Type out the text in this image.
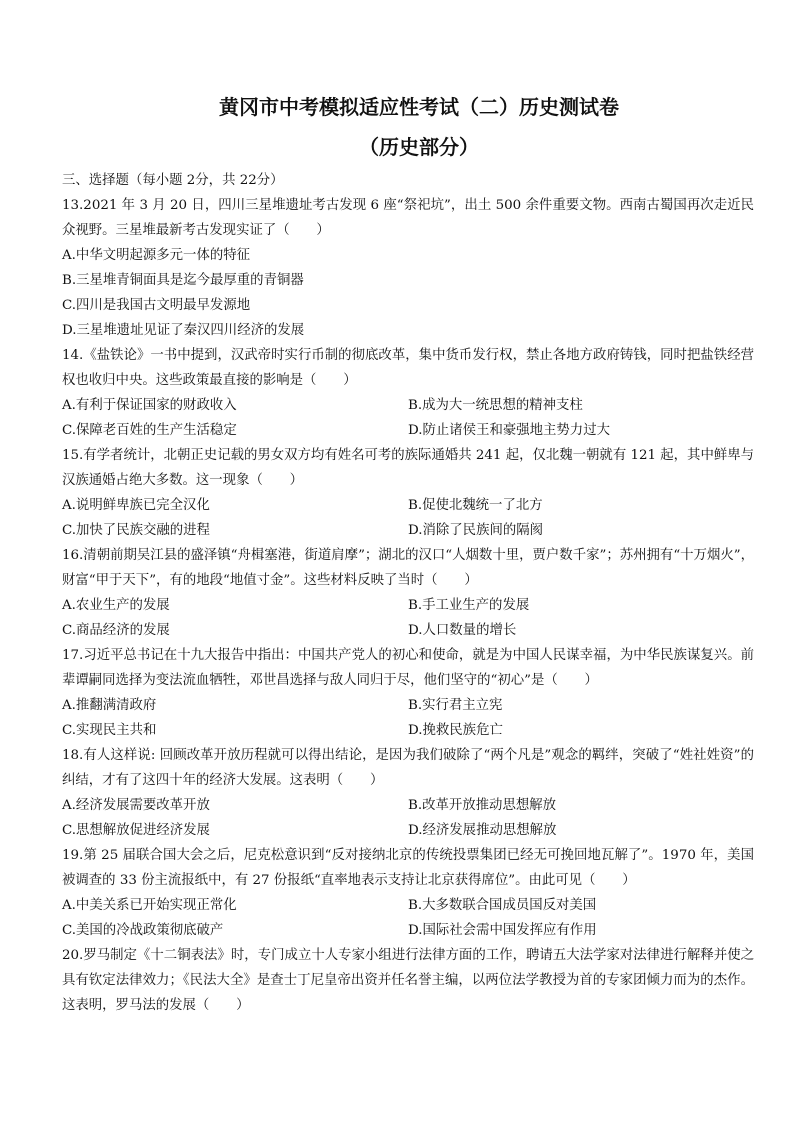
黄冈市中考模拟适应性考试（二）历史测试卷
（历史部分）
三、选择题（每小题 2分，共 22分）
13.2021 年 3 月 20 日，四川三星堆遗址考古发现 6 座“祭祀坑”，出土 500 余件重要文物。西南古蜀国再次走近民众视野。三星堆最新考古发现实证了（　　）
A.中华文明起源多元一体的特征
B.三星堆青铜面具是迄今最厚重的青铜器
C.四川是我国古文明最早发源地
D.三星堆遗址见证了秦汉四川经济的发展
14.《盐铁论》一书中提到，汉武帝时实行币制的彻底改革，集中货币发行权，禁止各地方政府铸钱，同时把盐铁经营权也收归中央。这些政策最直接的影响是（　　）
A.有利于保证国家的财政收入	B.成为大一统思想的精神支柱
C.保障老百姓的生产生活稳定	D.防止诸侯王和豪强地主势力过大
15.有学者统计，北朝正史记载的男女双方均有姓名可考的族际通婚共 241 起，仅北魏一朝就有 121 起，其中鲜卑与汉族通婚占绝大多数。这一现象（　　）
A.说明鲜卑族已完全汉化	B.促使北魏统一了北方
C.加快了民族交融的进程	D.消除了民族间的隔阂
16.清朝前期吴江县的盛泽镇“舟楫塞港，街道肩摩”；湖北的汉口“人烟数十里，贾户数千家”；苏州拥有“十万烟火”，财富“甲于天下”，有的地段“地值寸金”。这些材料反映了当时（　　）
A.农业生产的发展	B.手工业生产的发展
C.商品经济的发展	D.人口数量的增长
17.习近平总书记在十九大报告中指出：中国共产党人的初心和使命，就是为中国人民谋幸福，为中华民族谋复兴。前辈谭嗣同选择为变法流血牺牲，邓世昌选择与敌人同归于尽，他们坚守的“初心”是（　　）
A.推翻满清政府	B.实行君主立宪
C.实现民主共和	D.挽救民族危亡
18.有人这样说: 回顾改革开放历程就可以得出结论，是因为我们破除了“两个凡是”观念的羁绊，突破了“姓社姓资”的纠结，才有了这四十年的经济大发展。这表明（　　）
A.经济发展需要改革开放	B.改革开放推动思想解放
C.思想解放促进经济发展	D.经济发展推动思想解放
19.第 25 届联合国大会之后，尼克松意识到“反对接纳北京的传统投票集团已经无可挽回地瓦解了”。1970 年，美国被调查的 33 份主流报纸中，有 27 份报纸“直率地表示支持让北京获得席位”。由此可见（　　）
A.中美关系已开始实现正常化	B.大多数联合国成员国反对美国
C.美国的冷战政策彻底破产	D.国际社会需中国发挥应有作用
20.罗马制定《十二铜表法》时，专门成立十人专家小组进行法律方面的工作，聘请五大法学家对法律进行解释并使之具有钦定法律效力；《民法大全》是查士丁尼皇帝出资并任名誉主编，以两位法学教授为首的专家团倾力而为的杰作。这表明，罗马法的发展（　　）
